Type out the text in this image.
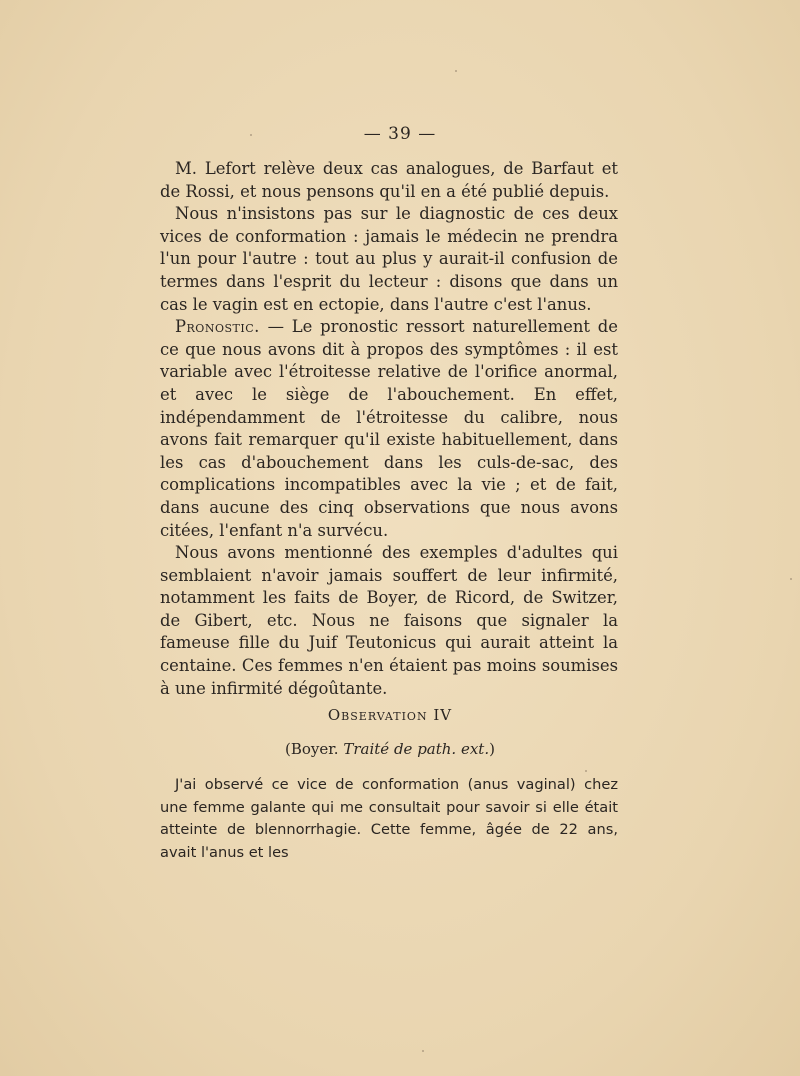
— 39 —

M. Lefort relève deux cas analogues, de Barfaut et de Rossi, et nous pensons qu'il en a été publié depuis.

Nous n'insistons pas sur le diagnostic de ces deux vices de conformation : jamais le médecin ne prendra l'un pour l'autre : tout au plus y aurait-il confusion de termes dans l'esprit du lecteur : disons que dans un cas le vagin est en ectopie, dans l'autre c'est l'anus.

Pronostic. — Le pronostic ressort naturellement de ce que nous avons dit à propos des symptômes : il est variable avec l'étroitesse relative de l'orifice anormal, et avec le siège de l'abouchement. En effet, indépendamment de l'étroitesse du calibre, nous avons fait remarquer qu'il existe habituellement, dans les cas d'abouchement dans les culs-de-sac, des complications incompatibles avec la vie ; et de fait, dans aucune des cinq observations que nous avons citées, l'enfant n'a survécu.

Nous avons mentionné des exemples d'adultes qui semblaient n'avoir jamais souffert de leur infirmité, notamment les faits de Boyer, de Ricord, de Switzer, de Gibert, etc. Nous ne faisons que signaler la fameuse fille du Juif Teutonicus qui aurait atteint la centaine. Ces femmes n'en étaient pas moins soumises à une infirmité dégoûtante.

Observation IV
(Boyer. Traité de path. ext.)

J'ai observé ce vice de conformation (anus vaginal) chez une femme galante qui me consultait pour savoir si elle était atteinte de blennorrhagie. Cette femme, âgée de 22 ans, avait l'anus et les
